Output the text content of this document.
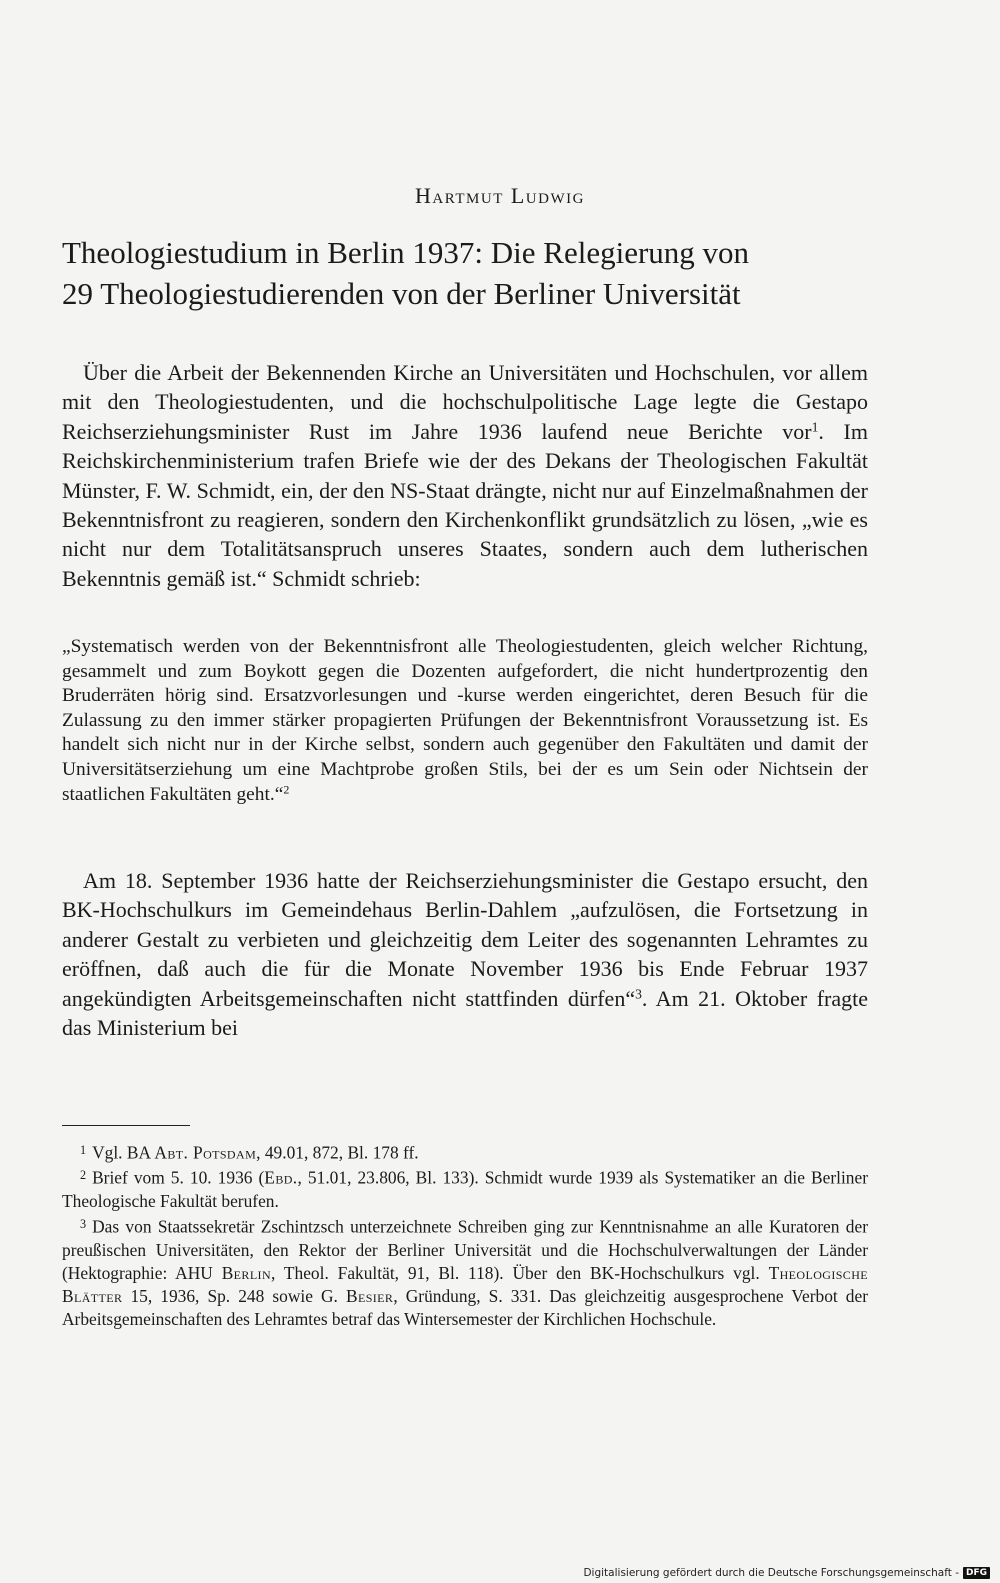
Hartmut Ludwig
Theologiestudium in Berlin 1937: Die Relegierung von
29 Theologiestudierenden von der Berliner Universität

Über die Arbeit der Bekennenden Kirche an Universitäten und Hochschulen, vor allem mit den Theologiestudenten, und die hochschulpolitische Lage legte die Gestapo Reichserziehungsminister Rust im Jahre 1936 laufend neue Berichte vor$^1$. Im Reichskirchenministerium trafen Briefe wie der des Dekans der Theologischen Fakultät Münster, F. W. Schmidt, ein, der den NS-Staat drängte, nicht nur auf Einzelmaßnahmen der Bekenntnisfront zu reagieren, sondern den Kirchenkonflikt grundsätzlich zu lösen, „wie es nicht nur dem Totalitätsanspruch unseres Staates, sondern auch dem lutherischen Bekenntnis gemäß ist.“ Schmidt schrieb:

„Systematisch werden von der Bekenntnisfront alle Theologiestudenten, gleich welcher Richtung, gesammelt und zum Boykott gegen die Dozenten aufgefordert, die nicht hundertprozentig den Bruderräten hörig sind. Ersatzvorlesungen und -kurse werden eingerichtet, deren Besuch für die Zulassung zu den immer stärker propagierten Prüfungen der Bekenntnisfront Voraussetzung ist. Es handelt sich nicht nur in der Kirche selbst, sondern auch gegenüber den Fakultäten und damit der Universitätserziehung um eine Machtprobe großen Stils, bei der es um Sein oder Nichtsein der staatlichen Fakultäten geht.“$^2$

Am 18. September 1936 hatte der Reichserziehungsminister die Gestapo ersucht, den BK-Hochschulkurs im Gemeindehaus Berlin-Dahlem „aufzulösen, die Fortsetzung in anderer Gestalt zu verbieten und gleichzeitig dem Leiter des sogenannten Lehramtes zu eröffnen, daß auch die für die Monate November 1936 bis Ende Februar 1937 angekündigten Arbeitsgemeinschaften nicht stattfinden dürfen“$^3$. Am 21. Oktober fragte das Ministerium bei

$^1$ Vgl. BA Abt. Potsdam, 49.01, 872, Bl. 178 ff.

$^2$ Brief vom 5. 10. 1936 (Ebd., 51.01, 23.806, Bl. 133). Schmidt wurde 1939 als Systematiker an die Berliner Theologische Fakultät berufen.

$^3$ Das von Staatssekretär Zschintzsch unterzeichnete Schreiben ging zur Kenntnisnahme an alle Kuratoren der preußischen Universitäten, den Rektor der Berliner Universität und die Hochschulverwaltungen der Länder (Hektographie: AHU Berlin, Theol. Fakultät, 91, Bl. 118). Über den BK-Hochschulkurs vgl. Theologische Blätter 15, 1936, Sp. 248 sowie G. Besier, Gründung, S. 331. Das gleichzeitig ausgesprochene Verbot der Arbeitsgemeinschaften des Lehramtes betraf das Wintersemester der Kirchlichen Hochschule.

Digitalisierung gefördert durch die Deutsche Forschungsgemeinschaft - DFG
